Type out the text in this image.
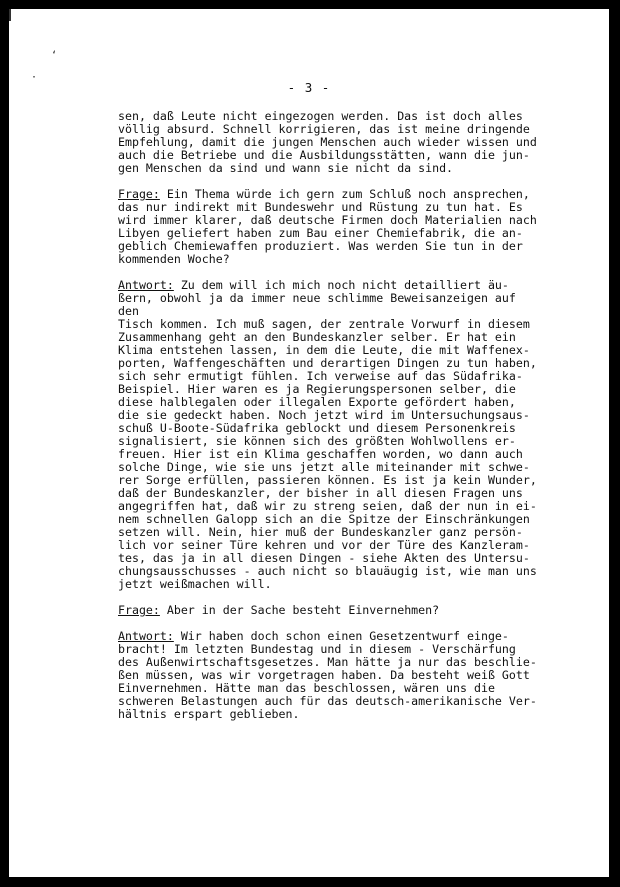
‘
·
- 3 -
sen, daß Leute nicht eingezogen werden. Das ist doch alles
völlig absurd. Schnell korrigieren, das ist meine dringende
Empfehlung, damit die jungen Menschen auch wieder wissen und
auch die Betriebe und die Ausbildungsstätten, wann die jun-
gen Menschen da sind und wann sie nicht da sind.
Frage: Ein Thema würde ich gern zum Schluß noch ansprechen,
das nur indirekt mit Bundeswehr und Rüstung zu tun hat. Es
wird immer klarer, daß deutsche Firmen doch Materialien nach
Libyen geliefert haben zum Bau einer Chemiefabrik, die an-
geblich Chemiewaffen produziert. Was werden Sie tun in der
kommenden Woche?
Antwort: Zu dem will ich mich noch nicht detailliert äu-
ßern, obwohl ja da immer neue schlimme Beweisanzeigen auf
den
Tisch kommen. Ich muß sagen, der zentrale Vorwurf in diesem
Zusammenhang geht an den Bundeskanzler selber. Er hat ein
Klima entstehen lassen, in dem die Leute, die mit Waffenex-
porten, Waffengeschäften und derartigen Dingen zu tun haben,
sich sehr ermutigt fühlen. Ich verweise auf das Südafrika-
Beispiel. Hier waren es ja Regierungspersonen selber, die
diese halblegalen oder illegalen Exporte gefördert haben,
die sie gedeckt haben. Noch jetzt wird im Untersuchungsaus-
schuß U-Boote-Südafrika geblockt und diesem Personenkreis
signalisiert, sie können sich des größten Wohlwollens er-
freuen. Hier ist ein Klima geschaffen worden, wo dann auch
solche Dinge, wie sie uns jetzt alle miteinander mit schwe-
rer Sorge erfüllen, passieren können. Es ist ja kein Wunder,
daß der Bundeskanzler, der bisher in all diesen Fragen uns
angegriffen hat, daß wir zu streng seien, daß der nun in ei-
nem schnellen Galopp sich an die Spitze der Einschränkungen
setzen will. Nein, hier muß der Bundeskanzler ganz persön-
lich vor seiner Türe kehren und vor der Türe des Kanzleram-
tes, das ja in all diesen Dingen - siehe Akten des Untersu-
chungsausschusses - auch nicht so blauäugig ist, wie man uns
jetzt weißmachen will.
Frage: Aber in der Sache besteht Einvernehmen?
Antwort: Wir haben doch schon einen Gesetzentwurf einge-
bracht! Im letzten Bundestag und in diesem - Verschärfung
des Außenwirtschaftsgesetzes. Man hätte ja nur das beschlie-
ßen müssen, was wir vorgetragen haben. Da besteht weiß Gott
Einvernehmen. Hätte man das beschlossen, wären uns die
schweren Belastungen auch für das deutsch-amerikanische Ver-
hältnis erspart geblieben.
